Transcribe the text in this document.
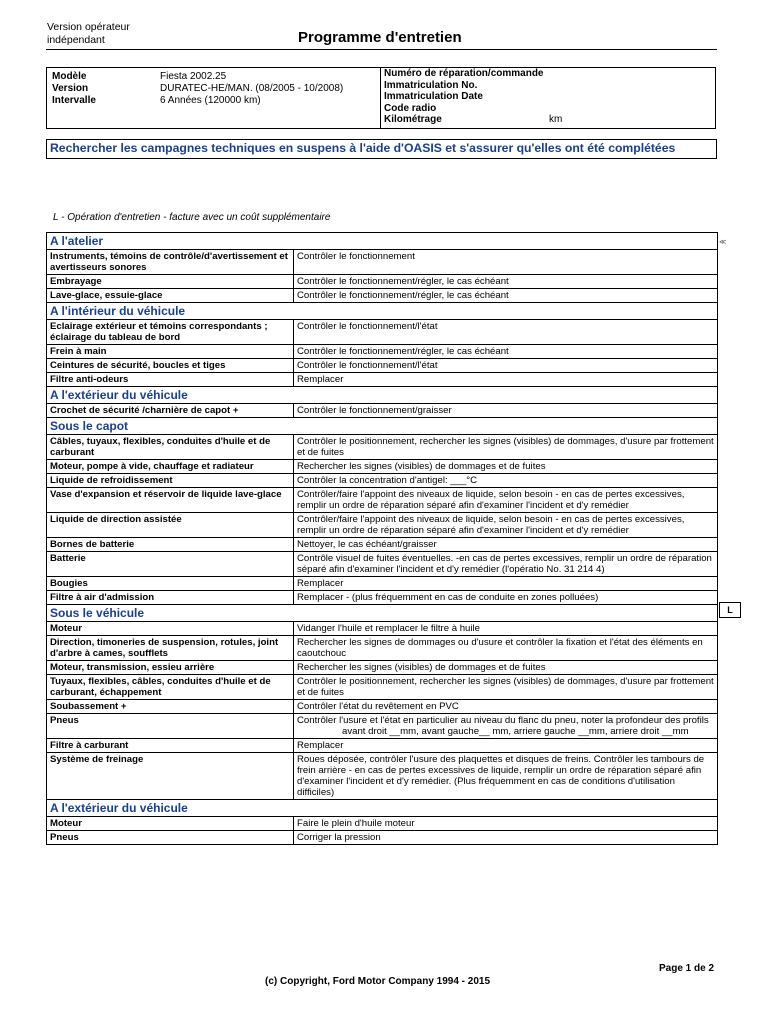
Version opérateur
indépendant	Programme d'entretien
Modèle	Fiesta 2002.25
Version	DURATEC-HE/MAN. (08/2005 - 10/2008)
Intervalle	6 Années (120000 km)
Numéro de réparation/commande
Immatriculation No.
Immatriculation Date
Code radio
Kilométrage	km
Rechercher les campagnes techniques en suspens à l'aide d'OASIS et s'assurer qu'elles ont été complétées
L - Opération d'entretien - facture avec un coût supplémentaire
≪
L
A l'atelier	
Instruments, témoins de contrôle/d'avertissement et avertisseurs sonores	Contrôler le fonctionnement

Embrayage	Contrôler le fonctionnement/régler, le cas échéant

Lave-glace, essuie-glace	Contrôler le fonctionnement/régler, le cas échéant

A l'intérieur du véhicule	
Eclairage extérieur et témoins correspondants ; éclairage du tableau de bord	Contrôler le fonctionnement/l'état

Frein à main	Contrôler le fonctionnement/régler, le cas échéant

Ceintures de sécurité, boucles et tiges	Contrôler le fonctionnement/l'état

Filtre anti-odeurs	Remplacer

A l'extérieur du véhicule	
Crochet de sécurité /charnière de capot +	Contrôler le fonctionnement/graisser

Sous le capot	
Câbles, tuyaux, flexibles, conduites d'huile et de carburant	Contrôler le positionnement, rechercher les signes (visibles) de dommages, d'usure par frottement et de fuites

Moteur, pompe à vide, chauffage et radiateur	Rechercher les signes (visibles) de dommages et de fuites

Liquide de refroidissement	Contrôler la concentration d'antigel: ___°C

Vase d'expansion et réservoir de liquide lave-glace	Contrôler/faire l'appoint des niveaux de liquide, selon besoin - en cas de pertes excessives, remplir un ordre de réparation séparé afin d'examiner l'incident et d'y remédier

Liquide de direction assistée	Contrôler/faire l'appoint des niveaux de liquide, selon besoin - en cas de pertes excessives, remplir un ordre de réparation séparé afin d'examiner l'incident et d'y remédier

Bornes de batterie	Nettoyer, le cas échéant/graisser

Batterie	Contrôle visuel de fuites éventuelles. -en cas de pertes excessives, remplir un ordre de réparation séparé afin d'examiner l'incident et d'y remédier (l'opératio No. 31 214 4)

Bougies	Remplacer

Filtre à air d'admission	Remplacer - (plus fréquemment en cas de conduite en zones polluées)

Sous le véhicule	
Moteur	Vidanger l'huile et remplacer le filtre à huile

Direction, timoneries de suspension, rotules, joint d'arbre à cames, soufflets	Rechercher les signes de dommages ou d'usure et contrôler la fixation et l'état des éléments en caoutchouc

Moteur, transmission, essieu arrière	Rechercher les signes (visibles) de dommages et de fuites

Tuyaux, flexibles, câbles, conduites d'huile et de carburant, échappement	Contrôler le positionnement, rechercher les signes (visibles) de dommages, d'usure par frottement et de fuites

Soubassement +	Contrôler l'état du revêtement en PVC

Pneus	Contrôler l'usure et l'état en particulier au niveau du flanc du pneu, noter la profondeur des profils
avant droit __mm, avant gauche__ mm, arriere gauche __mm, arriere droit __mm

Filtre à carburant	Remplacer

Système de freinage	Roues déposée, contrôler l'usure des plaquettes et disques de freins. Contrôler les tambours de frein arrière - en cas de pertes excessives de liquide, remplir un ordre de réparation séparé afin d'examiner l'incident et d'y remédier. (Plus fréquemment en cas de conditions d'utilisation difficiles)

A l'extérieur du véhicule	
Moteur	Faire le plein d'huile moteur

Pneus	Corriger la pression
Page 1 de 2
(c) Copyright, Ford Motor Company 1994 - 2015
